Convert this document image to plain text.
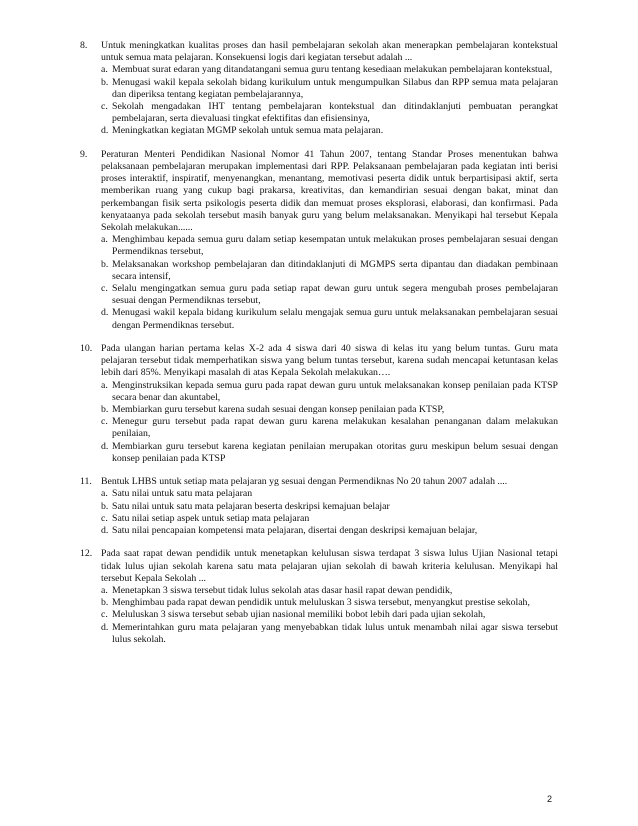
8.	Untuk meningkatkan kualitas proses dan hasil pembelajaran sekolah akan menerapkan pembelajaran kontekstual untuk semua mata pelajaran. Konsekuensi logis dari kegiatan tersebut adalah ...
a. Membuat surat edaran yang ditandatangani semua guru tentang kesediaan melakukan pembelajaran kontekstual,
b. Menugasi wakil kepala sekolah bidang kurikulum untuk mengumpulkan Silabus dan RPP semua mata pelajaran dan diperiksa tentang kegiatan pembelajarannya,
c. Sekolah mengadakan IHT tentang pembelajaran kontekstual dan ditindaklanjuti pembuatan perangkat pembelajaran, serta dievaluasi tingkat efektifitas dan efisiensinya,
d. Meningkatkan kegiatan MGMP sekolah untuk semua mata pelajaran.
9.	Peraturan Menteri Pendidikan Nasional Nomor 41 Tahun 2007, tentang Standar Proses menentukan bahwa pelaksanaan pembelajaran merupakan implementasi dari RPP. Pelaksanaan pembelajaran pada kegiatan inti berisi proses interaktif, inspiratif, menyenangkan, menantang, memotivasi peserta didik untuk berpartisipasi aktif, serta memberikan ruang yang cukup bagi prakarsa, kreativitas, dan kemandirian sesuai dengan bakat, minat dan perkembangan fisik serta psikologis peserta didik dan memuat proses eksplorasi, elaborasi, dan konfirmasi. Pada kenyataanya pada sekolah tersebut masih banyak guru yang belum melaksanakan. Menyikapi hal tersebut Kepala Sekolah melakukan......
a. Menghimbau kepada semua guru dalam setiap kesempatan untuk melakukan proses pembelajaran sesuai dengan Permendiknas tersebut,
b. Melaksanakan workshop pembelajaran dan ditindaklanjuti di MGMPS serta dipantau dan diadakan pembinaan secara intensif,
c. Selalu mengingatkan semua guru pada setiap rapat dewan guru untuk segera mengubah proses pembelajaran sesuai dengan Permendiknas tersebut,
d. Menugasi wakil kepala bidang kurikulum selalu mengajak semua guru untuk melaksanakan pembelajaran sesuai dengan Permendiknas tersebut.
10. Pada ulangan harian pertama kelas X-2 ada 4 siswa dari 40 siswa di kelas itu yang belum tuntas. Guru mata pelajaran tersebut tidak memperhatikan siswa yang belum tuntas tersebut, karena sudah mencapai ketuntasan kelas lebih dari 85%. Menyikapi masalah di atas Kepala Sekolah melakukan….
a. Menginstruksikan kepada semua guru pada rapat dewan guru untuk melaksanakan konsep penilaian pada KTSP secara benar dan akuntabel,
b. Membiarkan guru tersebut karena sudah sesuai dengan konsep penilaian pada KTSP,
c. Menegur guru tersebut pada rapat dewan guru karena melakukan kesalahan penanganan dalam melakukan penilaian,
d. Membiarkan guru tersebut karena kegiatan penilaian merupakan otoritas guru meskipun belum sesuai dengan konsep penilaian pada KTSP
11. Bentuk LHBS untuk setiap mata pelajaran yg sesuai dengan Permendiknas No 20 tahun 2007 adalah ....
a. Satu nilai untuk satu mata pelajaran
b. Satu nilai untuk satu mata pelajaran beserta deskripsi kemajuan belajar
c. Satu nilai setiap aspek untuk setiap mata pelajaran
d. Satu nilai pencapaian kompetensi mata pelajaran, disertai dengan deskripsi kemajuan belajar,
12. Pada saat rapat dewan pendidik untuk menetapkan kelulusan siswa terdapat 3 siswa lulus Ujian Nasional tetapi tidak lulus ujian sekolah karena satu mata pelajaran ujian sekolah di bawah kriteria kelulusan. Menyikapi hal tersebut Kepala Sekolah ...
a. Menetapkan 3 siswa tersebut tidak lulus sekolah atas dasar hasil rapat dewan pendidik,
b. Menghimbau pada rapat dewan pendidik untuk meluluskan 3 siswa tersebut, menyangkut prestise sekolah,
c. Meluluskan 3 siswa tersebut sebab ujian nasional memiliki bobot lebih dari pada ujian sekolah,
d. Memerintahkan guru mata pelajaran yang menyebabkan tidak lulus untuk menambah nilai agar siswa tersebut lulus sekolah.
2
